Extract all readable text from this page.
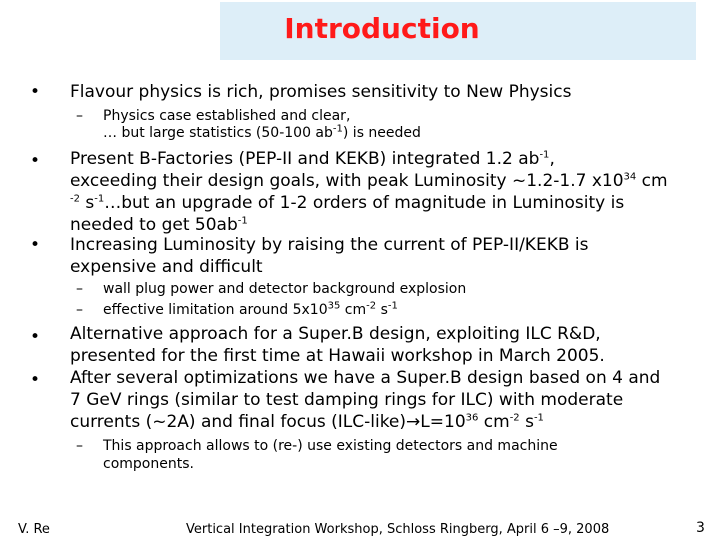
Introduction
• Flavour physics is rich, promises sensitivity to New Physics
– Physics case established and clear,
… but large statistics (50-100 $ab^{-1}$) is needed
• Present B-Factories (PEP-II and KEKB) integrated 1.2 $ab^{-1}$,
exceeding their design goals, with peak Luminosity ~1.2-1.7 $x10^{34}$ cm
$^{-2}$ $s^{-1}\dots but$ an upgrade of 1-2 orders of magnitude in Luminosity is
needed to get $50ab^{-1}$
• Increasing Luminosity by raising the current of PEP-II/KEKB is
expensive and difficult
– wall plug power and detector background explosion
– effective limitation around $5x10^{35}$ $cm^{-2}$ $s^{-1}$
• Alternative approach for a Super.B design, exploiting ILC R&D,
presented for the first time at Hawaii workshop in March 2005.
• After several optimizations we have a Super.B design based on 4 and
7 GeV rings (similar to test damping rings for ILC) with moderate
currents (~2A) and final focus $(ILC-like)\to L=10^{36}$ $cm^{-2}$ $s^{-1}$
– This approach allows to (re-) use existing detectors and machine
components.
V. Re	Vertical Integration Workshop, Schloss Ringberg, April 6 –9, 2008	3
